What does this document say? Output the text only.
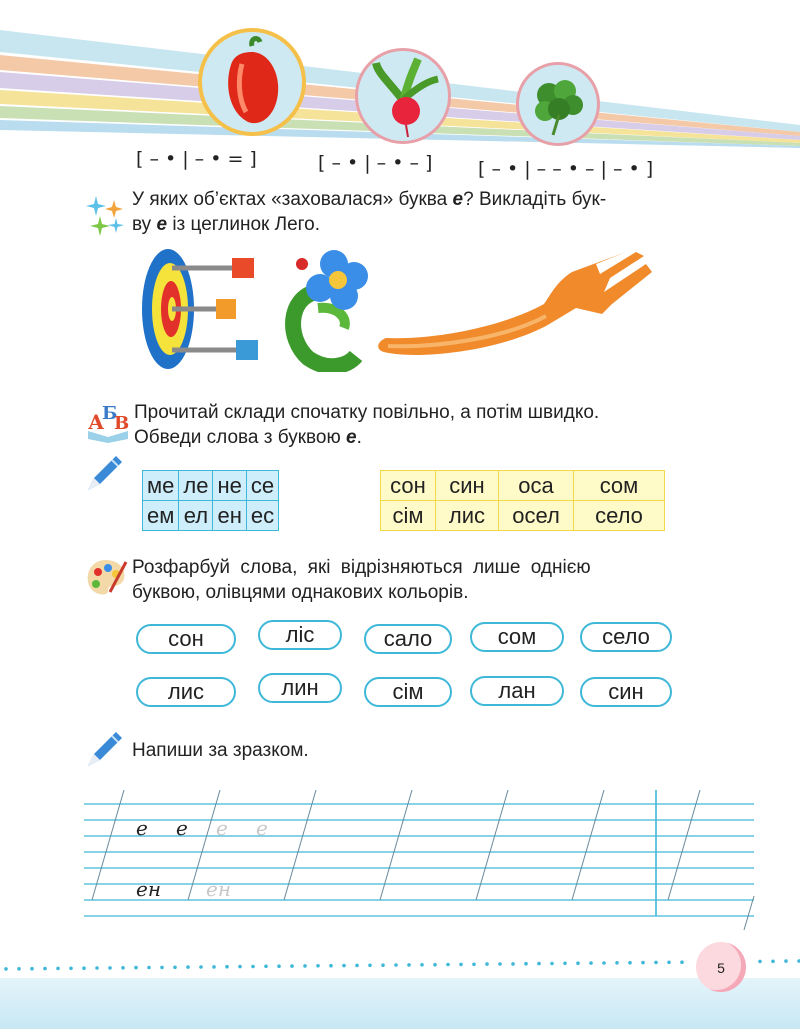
[ – • | – • = ]	[ – • | – • – ] [ – • | – – • – | – • ]
У яких об’єктах «заховалася» буква е? Викладіть бук-
ву е із цеглинок Лего.
А
Б
В
Прочитай склади спочатку повільно, а потім швидко.
Обведи слова з буквою е.
ме	ле	не	се
ем	ел	ен	ес
сон	син	оса	сом
сім	лис	осел	село
Розфарбуй слова, які відрізняються лише однією
буквою, олівцями однакових кольорів.
сон	ліс	сало	сом	село
лис	лин	сім	лан	син
Напиши за зразком.
е е е е
ен ен
5
